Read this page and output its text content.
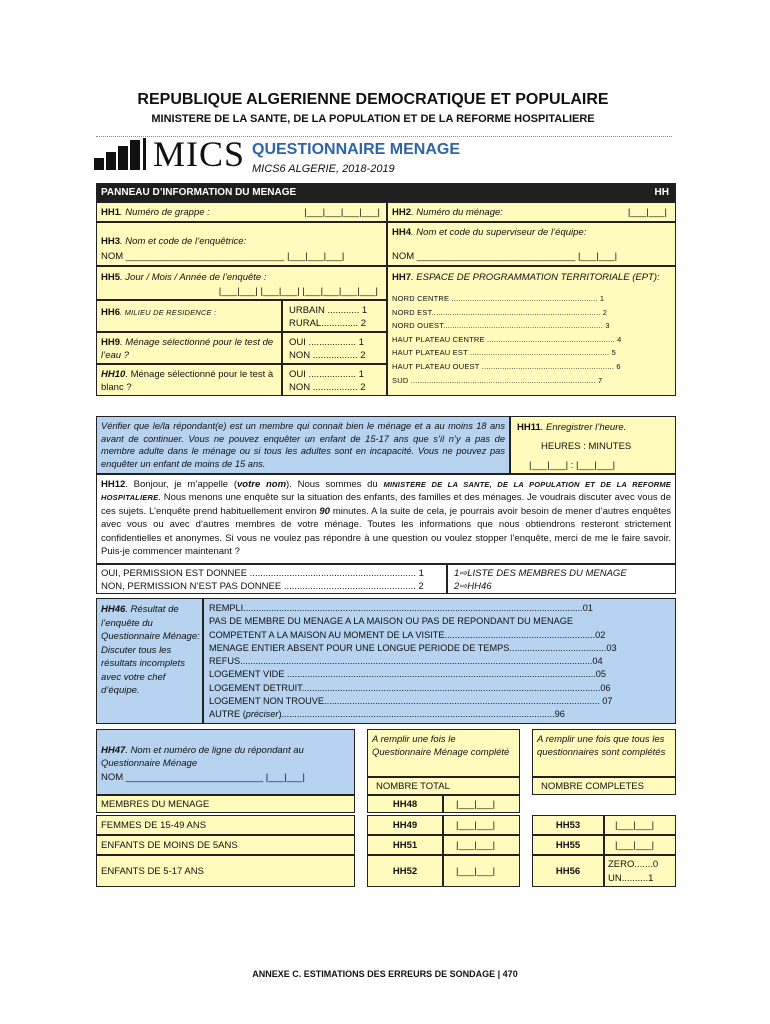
REPUBLIQUE ALGERIENNE DEMOCRATIQUE ET POPULAIRE
MINISTERE DE LA SANTE, DE LA POPULATION ET DE LA REFORME HOSPITALIERE
MICS QUESTIONNAIRE MENAGE
MICS6 ALGERIE, 2018-2019
PANNEAU D’INFORMATION DU MENAGE	HH
HH1. Numéro de grappe :	|___|___|___|___| HH2. Numéro du ménage:	|___|___|
HH3. Nom et code de l’enquêtrice:
NOM ______________________________ |___|___|___|
HH4. Nom et code du superviseur de l’équipe:
NOM ______________________________ |___|___|
HH5. Jour / Mois / Année de l’enquête :
|___|___| |___|___| |___|___|___|___|
HH7. ESPACE DE PROGRAMMATION TERRITORIALE (EPT):
NORD CENTRE ................................................................ 1
NORD EST.......................................................................... 2
NORD OUEST...................................................................... 3
HAUT PLATEAU CENTRE ........................................................ 4
HAUT PLATEAU EST ............................................................. 5
HAUT PLATEAU OUEST .......................................................... 6
SUD ................................................................................. 7
HH6. MILIEU DE RESIDENCE :	URBAIN ............ 1
RURAL.............. 2
HH9. Ménage sélectionné pour le test de l’eau ?
OUI .................. 1
NON ................. 2
HH10. Ménage sélectionné pour le test à blanc ?
OUI .................. 1
NON ................. 2
Vérifier que le/la répondant(e) est un membre qui connait bien le ménage et a au moins 18 ans avant de continuer. Vous ne pouvez enquêter un enfant de 15-17 ans que s’il n’y a pas de membre adulte dans le ménage ou si tous les adultes sont en incapacité. Vous ne pouvez pas enquêter un enfant de moins de 15 ans.
HH11. Enregistrer l’heure.
HEURES : MINUTES
|___|___| : |___|___|
HH12. Bonjour, je m’appelle (votre nom). Nous sommes du MINISTERE DE LA SANTE, DE LA POPULATION ET DE LA REFORME HOSPITALIERE. Nous menons une enquête sur la situation des enfants, des familles et des ménages. Je voudrais discuter avec vous de ces sujets. L’enquête prend habituellement environ 90 minutes. A la suite de cela, je pourrais avoir besoin de mener d’autres enquêtes avec vous ou avec d’autres membres de votre ménage. Toutes les informations que nous obtiendrons resteront strictement confidentielles et anonymes. Si vous ne voulez pas répondre à une question ou voulez stopper l’enquête, merci de me le faire savoir. Puis-je commencer maintenant ?
OUI, PERMISSION EST DONNEE ............................................................... 1
NON, PERMISSION N’EST PAS DONNEE .................................................. 2
1⇨LISTE DES MEMBRES DU MENAGE
2⇨HH46
HH46. Résultat de l’enquête du Questionnaire Ménage: Discuter tous les résultats incomplets avec votre chef d’équipe.
REMPLI.....................................................................................................................................01
PAS DE MEMBRE DU MENAGE A LA MAISON OU PAS DE REPONDANT DU MENAGE
COMPETENT A LA MAISON AU MOMENT DE LA VISITE...........................................................02
MENAGE ENTIER ABSENT POUR UNE LONGUE PERIODE DE TEMPS......................................03
REFUS..........................................................................................................................................04
LOGEMENT VIDE .........................................................................................................................05
LOGEMENT DETRUIT.....................................................................................................................06
LOGEMENT NON TROUVE............................................................................................................ 07
AUTRE (préciser)...........................................................................................................96
HH47. Nom et numéro de ligne du répondant au Questionnaire Ménage
NOM __________________________ |___|___|
A remplir une fois le Questionnaire Ménage complété
NOMBRE TOTAL
A remplir une fois que tous les questionnaires sont complétés
NOMBRE COMPLETES
MEMBRES DU MENAGE	HH48	|___|___|
FEMMES DE 15-49 ANS	HH49	|___|___|	HH53	|___|___|
ENFANTS DE MOINS DE 5ANS	HH51	|___|___|	HH55	|___|___|
ENFANTS DE 5-17 ANS	HH52	|___|___|	HH56
ZERO.......0
UN..........1
ANNEXE C. ESTIMATIONS DES ERREURS DE SONDAGE | 470
